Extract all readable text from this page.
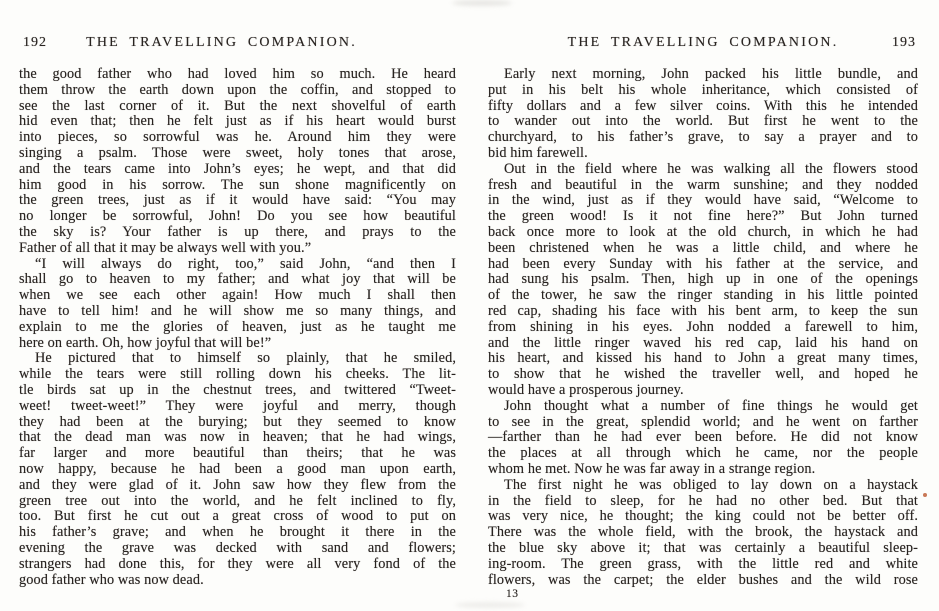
192	THE TRAVELLING COMPANION.
the good father who had loved him so much. He heard
them throw the earth down upon the coffin, and stopped to
see the last corner of it. But the next shovelful of earth
hid even that; then he felt just as if his heart would burst
into pieces, so sorrowful was he. Around him they were
singing a psalm. Those were sweet, holy tones that arose,
and the tears came into John’s eyes; he wept, and that did
him good in his sorrow. The sun shone magnificently on
the green trees, just as if it would have said: “You may
no longer be sorrowful, John! Do you see how beautiful
the sky is? Your father is up there, and prays to the
Father of all that it may be always well with you.”
“I will always do right, too,” said John, “and then I
shall go to heaven to my father; and what joy that will be
when we see each other again! How much I shall then
have to tell him! and he will show me so many things, and
explain to me the glories of heaven, just as he taught me
here on earth. Oh, how joyful that will be!”
He pictured that to himself so plainly, that he smiled,
while the tears were still rolling down his cheeks. The lit-
tle birds sat up in the chestnut trees, and twittered “Tweet-
weet! tweet-weet!” They were joyful and merry, though
they had been at the burying; but they seemed to know
that the dead man was now in heaven; that he had wings,
far larger and more beautiful than theirs; that he was
now happy, because he had been a good man upon earth,
and they were glad of it. John saw how they flew from the
green tree out into the world, and he felt inclined to fly,
too. But first he cut out a great cross of wood to put on
his father’s grave; and when he brought it there in the
evening the grave was decked with sand and flowers;
strangers had done this, for they were all very fond of the
good father who was now dead.
THE TRAVELLING COMPANION.	193
Early next morning, John packed his little bundle, and
put in his belt his whole inheritance, which consisted of
fifty dollars and a few silver coins. With this he intended
to wander out into the world. But first he went to the
churchyard, to his father’s grave, to say a prayer and to
bid him farewell.
Out in the field where he was walking all the flowers stood
fresh and beautiful in the warm sunshine; and they nodded
in the wind, just as if they would have said, “Welcome to
the green wood! Is it not fine here?” But John turned
back once more to look at the old church, in which he had
been christened when he was a little child, and where he
had been every Sunday with his father at the service, and
had sung his psalm. Then, high up in one of the openings
of the tower, he saw the ringer standing in his little pointed
red cap, shading his face with his bent arm, to keep the sun
from shining in his eyes. John nodded a farewell to him,
and the little ringer waved his red cap, laid his hand on
his heart, and kissed his hand to John a great many times,
to show that he wished the traveller well, and hoped he
would have a prosperous journey.
John thought what a number of fine things he would get
to see in the great, splendid world; and he went on farther
—farther than he had ever been before. He did not know
the places at all through which he came, nor the people
whom he met. Now he was far away in a strange region.
The first night he was obliged to lay down on a haystack
in the field to sleep, for he had no other bed. But that
was very nice, he thought; the king could not be better off.
There was the whole field, with the brook, the haystack and
the blue sky above it; that was certainly a beautiful sleep-
ing-room. The green grass, with the little red and white
flowers, was the carpet; the elder bushes and the wild rose
13
